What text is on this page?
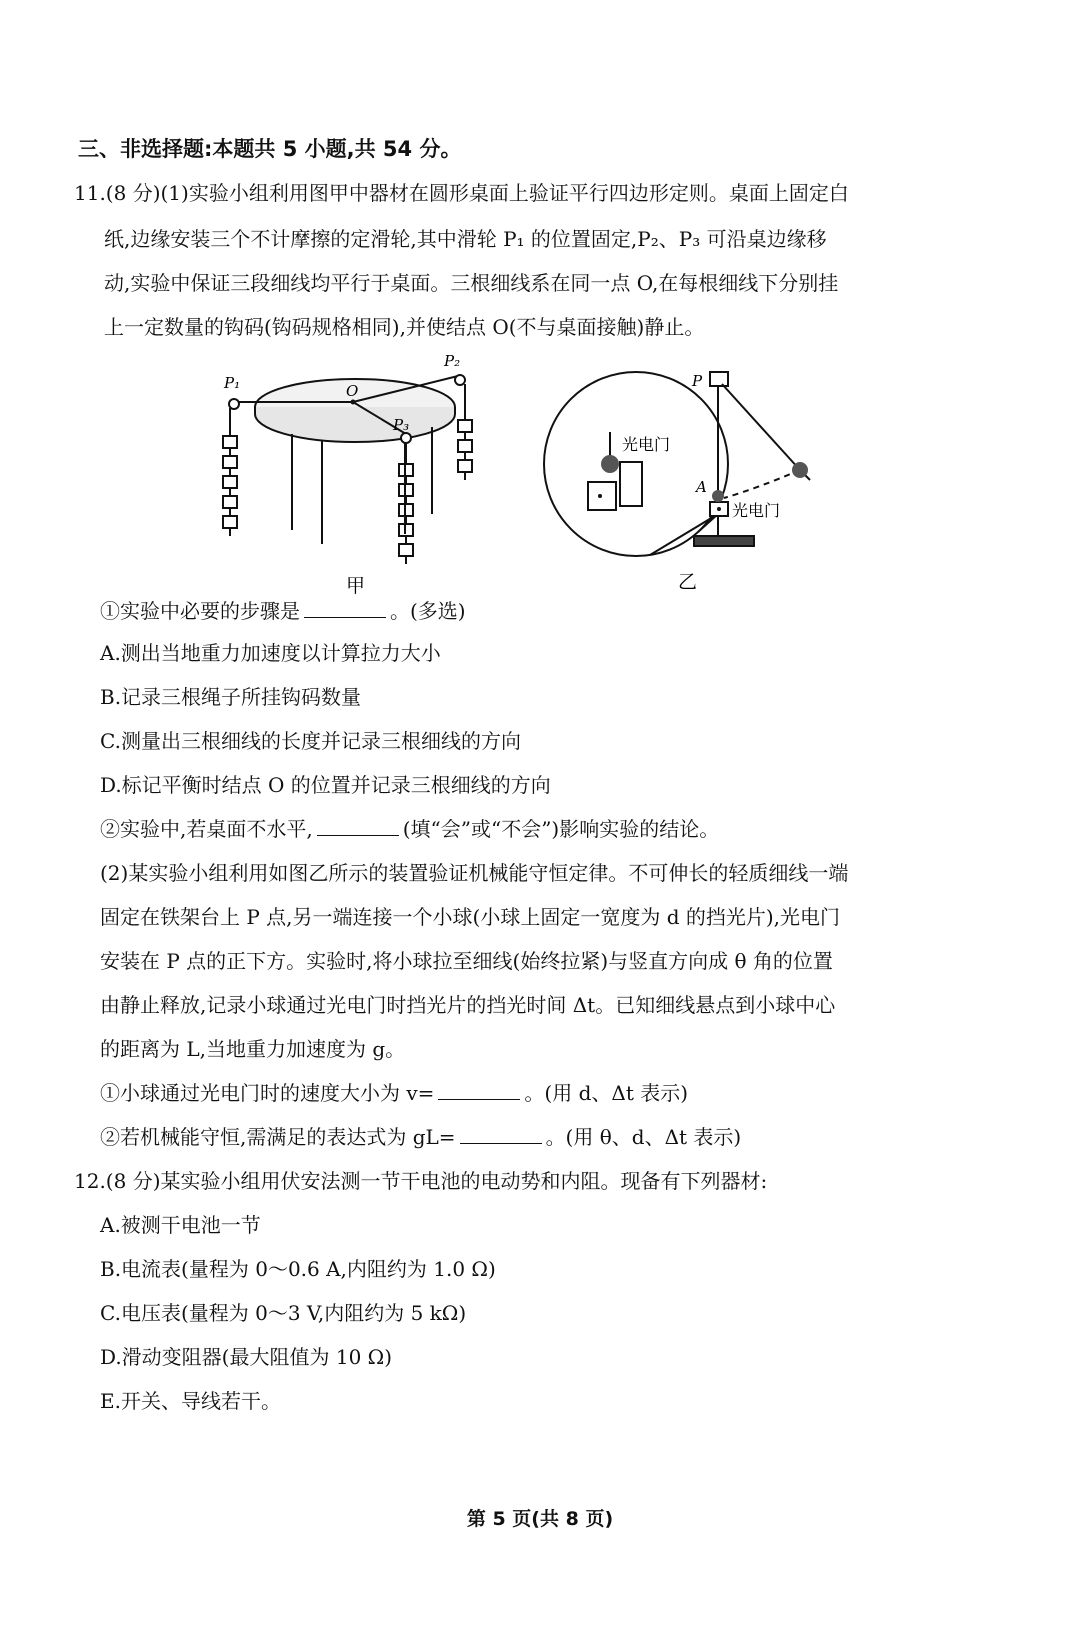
三、非选择题:本题共 5 小题,共 54 分。
11.(8 分)(1)实验小组利用图甲中器材在圆形桌面上验证平行四边形定则。桌面上固定白
纸,边缘安装三个不计摩擦的定滑轮,其中滑轮 P₁ 的位置固定,P₂、P₃ 可沿桌边缘移
动,实验中保证三段细线均平行于桌面。三根细线系在同一点 O,在每根细线下分别挂
上一定数量的钩码(钩码规格相同),并使结点 O(不与桌面接触)静止。
P₁
P₂
P₃
O
甲
P
A
光电门
光电门
乙
①实验中必要的步骤是	。(多选)
A.测出当地重力加速度以计算拉力大小
B.记录三根绳子所挂钩码数量
C.测量出三根细线的长度并记录三根细线的方向
D.标记平衡时结点 O 的位置并记录三根细线的方向
②实验中,若桌面不水平,	(填“会”或“不会”)影响实验的结论。
(2)某实验小组利用如图乙所示的装置验证机械能守恒定律。不可伸长的轻质细线一端
固定在铁架台上 P 点,另一端连接一个小球(小球上固定一宽度为 d 的挡光片),光电门
安装在 P 点的正下方。实验时,将小球拉至细线(始终拉紧)与竖直方向成 θ 角的位置
由静止释放,记录小球通过光电门时挡光片的挡光时间 Δt。已知细线悬点到小球中心
的距离为 L,当地重力加速度为 g。
①小球通过光电门时的速度大小为 v=	。(用 d、Δt 表示)
②若机械能守恒,需满足的表达式为 gL=	。(用 θ、d、Δt 表示)
12.(8 分)某实验小组用伏安法测一节干电池的电动势和内阻。现备有下列器材:
A.被测干电池一节
B.电流表(量程为 0～0.6 A,内阻约为 1.0 Ω)
C.电压表(量程为 0～3 V,内阻约为 5 kΩ)
D.滑动变阻器(最大阻值为 10 Ω)
E.开关、导线若干。
第 5 页(共 8 页)
